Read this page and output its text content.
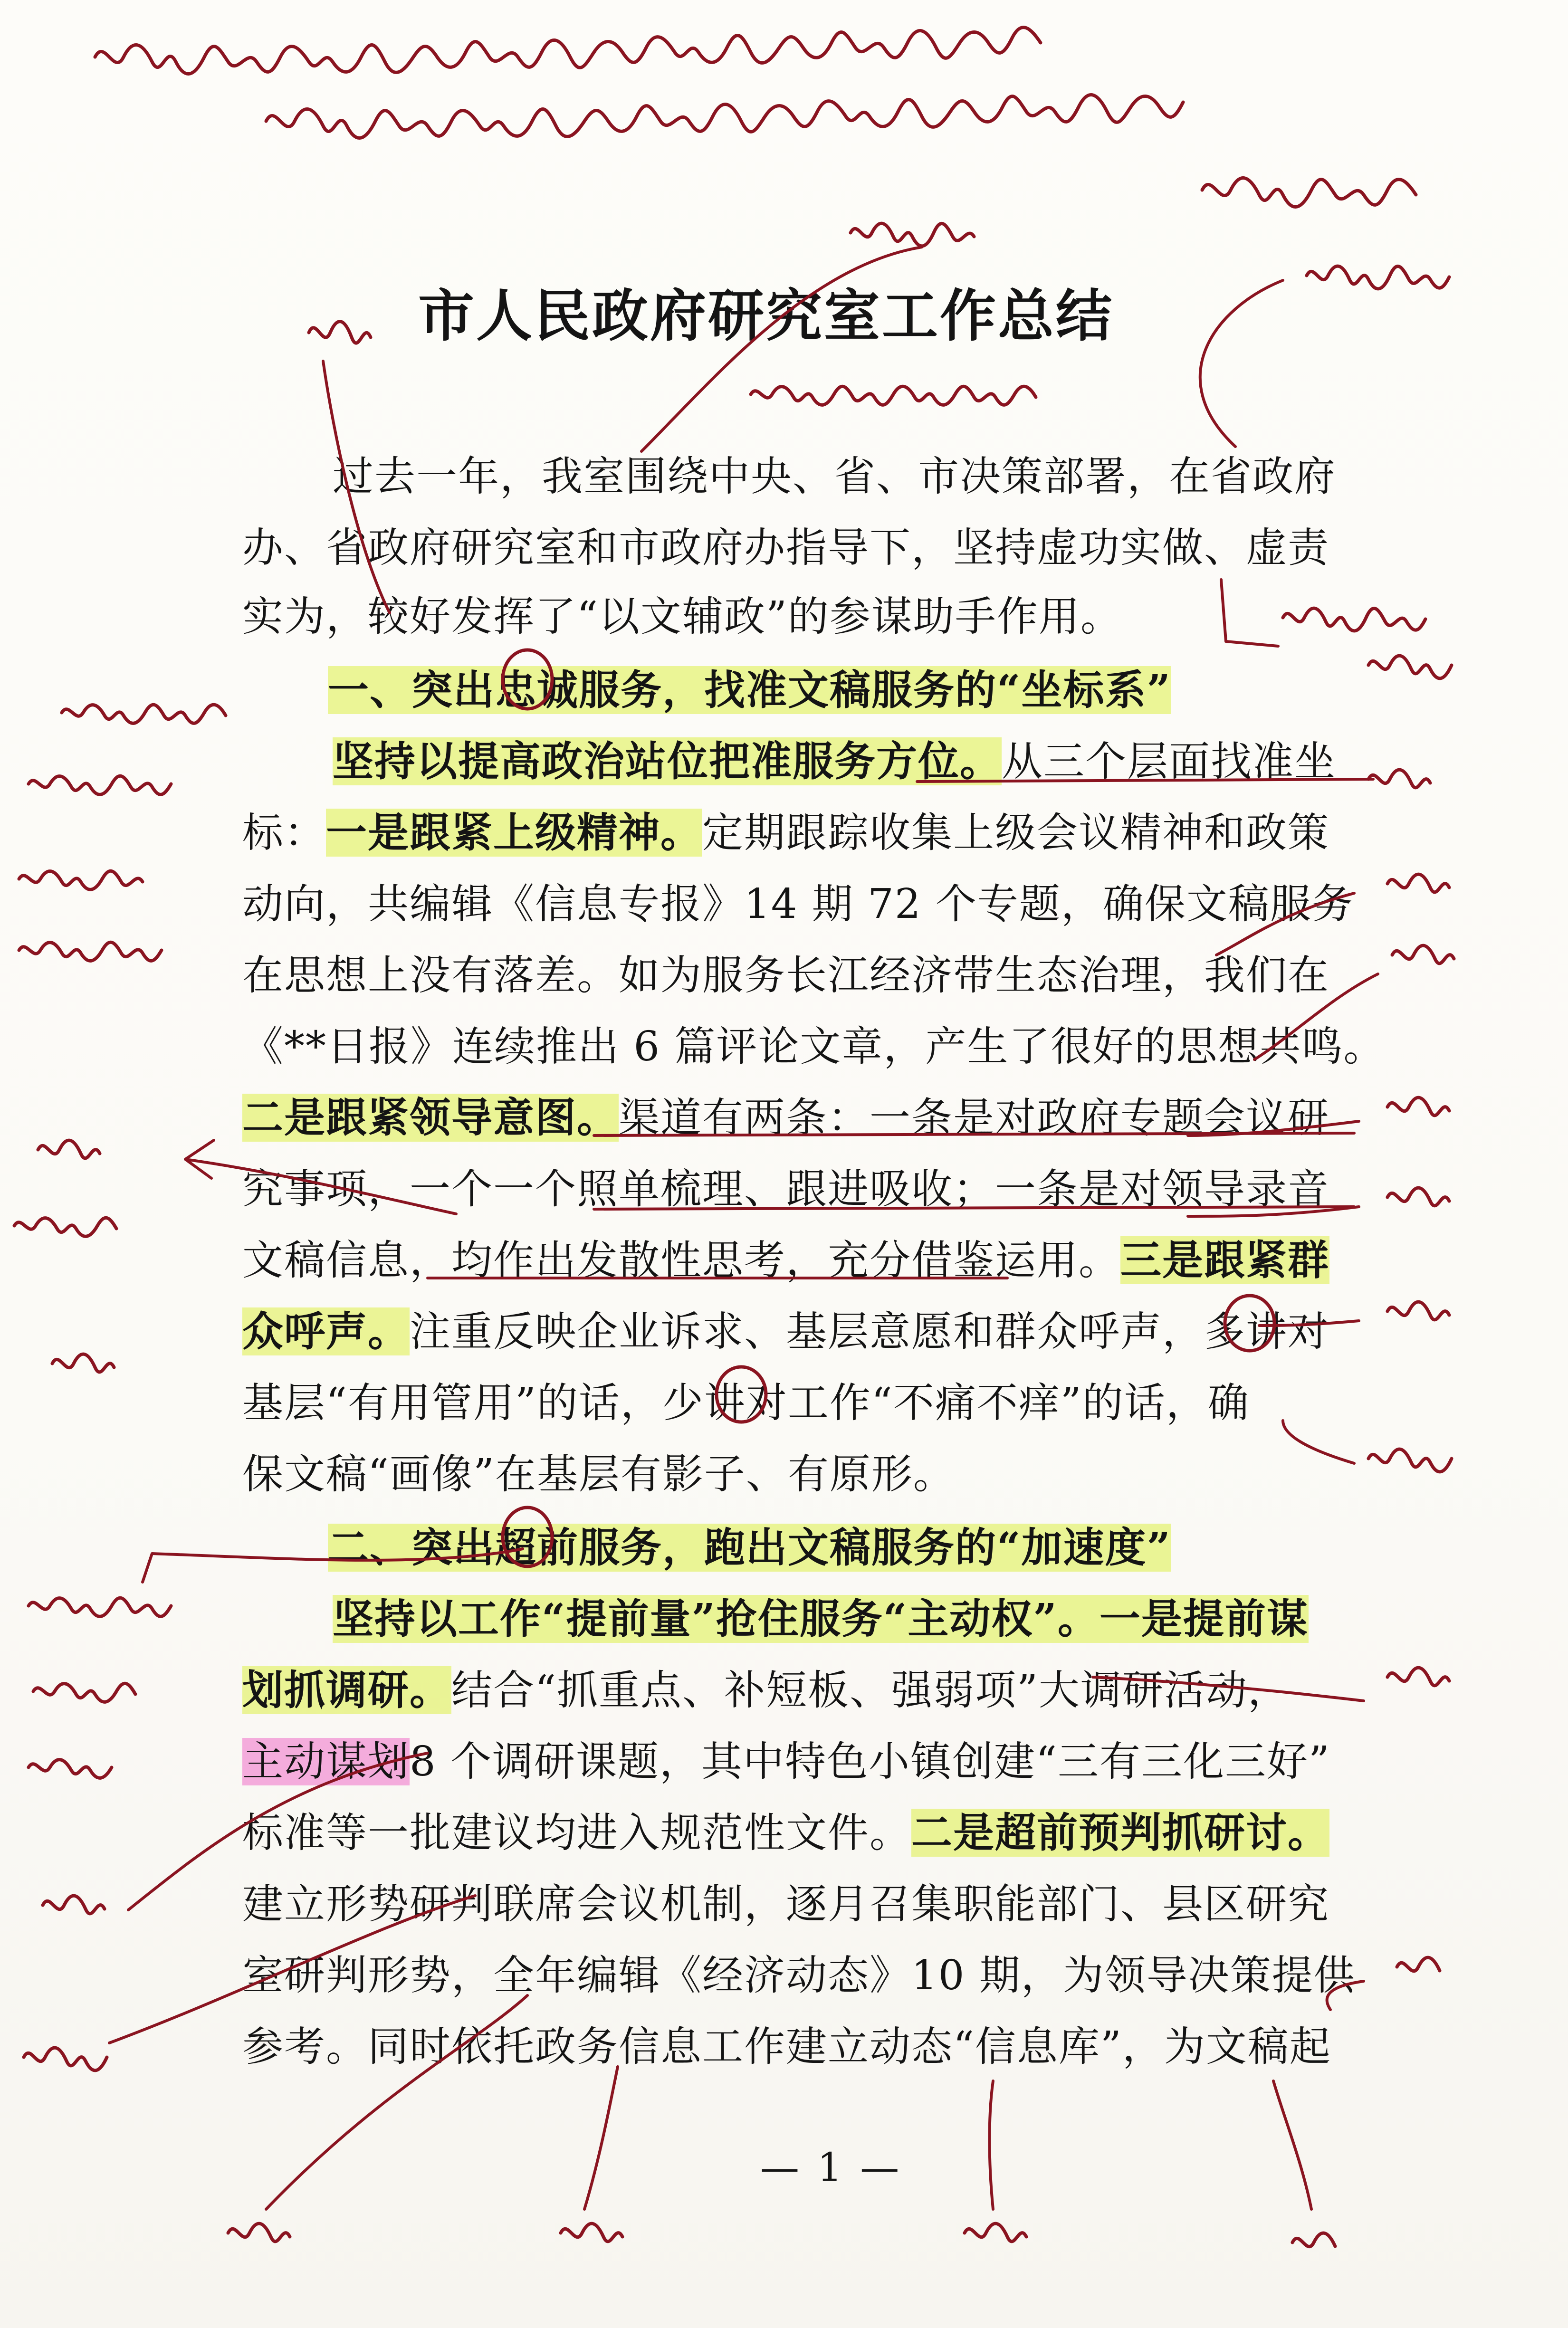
市人民政府研究室工作总结
过去一年，我室围绕中央、省、市决策部署，在省政府
办、省政府研究室和市政府办指导下，坚持虚功实做、虚责
实为，较好发挥了“以文辅政”的参谋助手作用。
一、突出忠诚服务，找准文稿服务的“坐标系”
坚持以提高政治站位把准服务方位。从三个层面找准坐
标：一是跟紧上级精神。定期跟踪收集上级会议精神和政策
动向，共编辑《信息专报》14 期 72 个专题，确保文稿服务
在思想上没有落差。如为服务长江经济带生态治理，我们在
《**日报》连续推出 6 篇评论文章，产生了很好的思想共鸣。
二是跟紧领导意图。渠道有两条：一条是对政府专题会议研
究事项，一个一个照单梳理、跟进吸收；一条是对领导录音
文稿信息，均作出发散性思考，充分借鉴运用。三是跟紧群
众呼声。注重反映企业诉求、基层意愿和群众呼声，多讲对
基层“有用管用”的话，少讲对工作“不痛不痒”的话，确
保文稿“画像”在基层有影子、有原形。
二、突出超前服务，跑出文稿服务的“加速度”
坚持以工作“提前量”抢住服务“主动权”。一是提前谋
划抓调研。结合“抓重点、补短板、强弱项”大调研活动，
主动谋划8 个调研课题，其中特色小镇创建“三有三化三好”
标准等一批建议均进入规范性文件。二是超前预判抓研讨。
建立形势研判联席会议机制，逐月召集职能部门、县区研究
室研判形势，全年编辑《经济动态》10 期，为领导决策提供
参考。同时依托政务信息工作建立动态“信息库”，为文稿起
— 1 —
